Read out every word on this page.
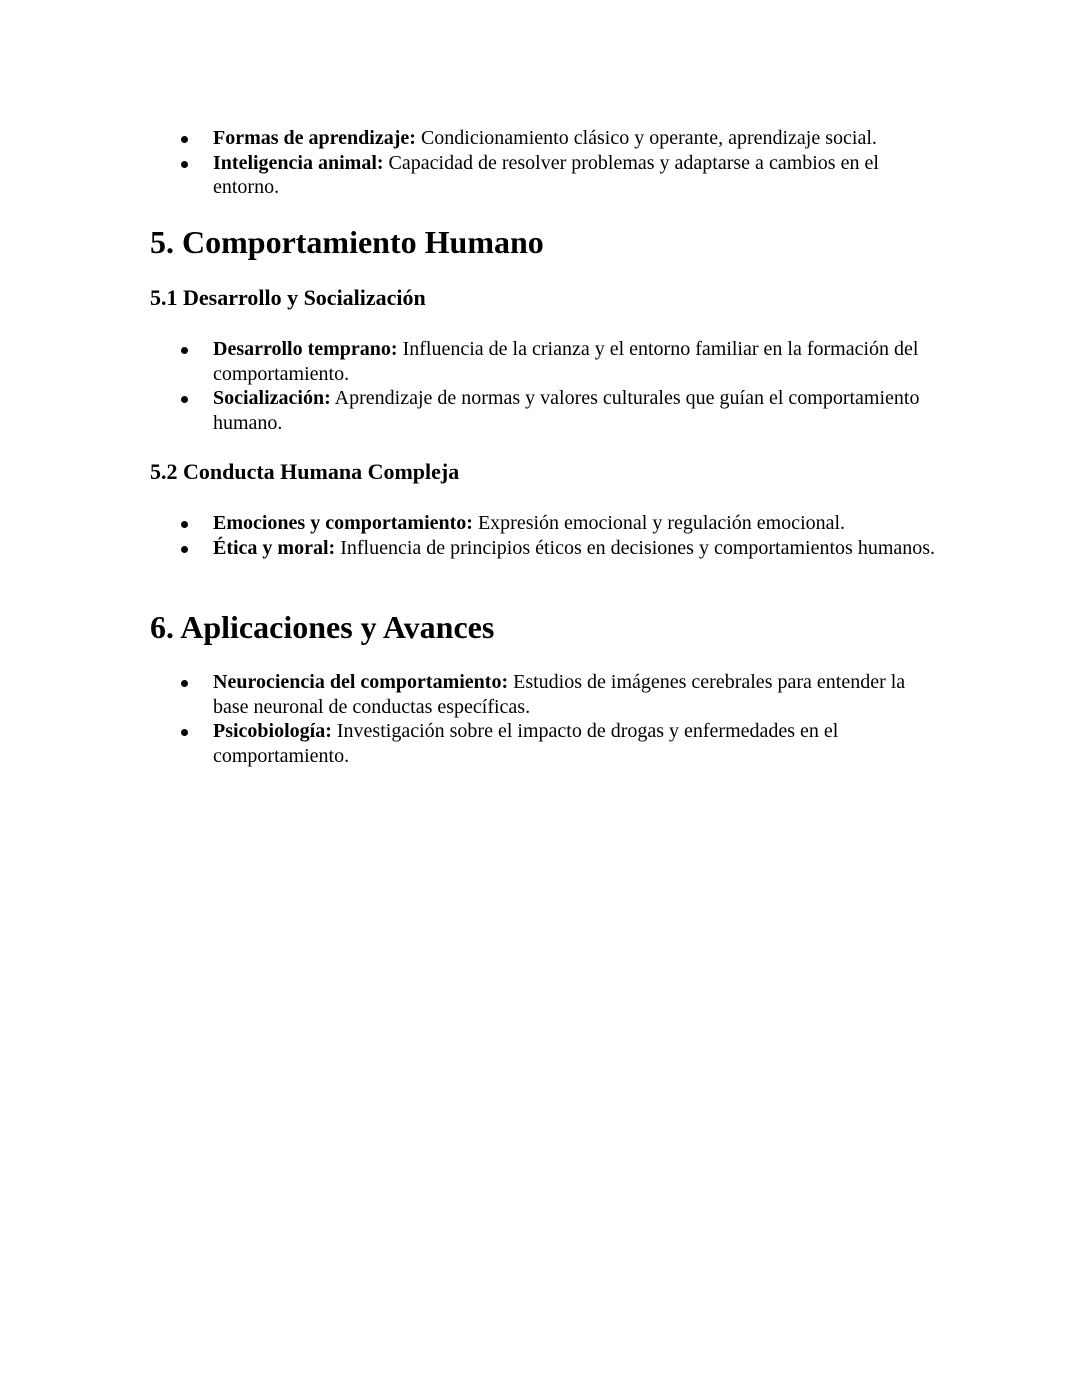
Formas de aprendizaje: Condicionamiento clásico y operante, aprendizaje social.
Inteligencia animal: Capacidad de resolver problemas y adaptarse a cambios en el entorno.
5. Comportamiento Humano
5.1 Desarrollo y Socialización
Desarrollo temprano: Influencia de la crianza y el entorno familiar en la formación del comportamiento.
Socialización: Aprendizaje de normas y valores culturales que guían el comportamiento humano.
5.2 Conducta Humana Compleja
Emociones y comportamiento: Expresión emocional y regulación emocional.
Ética y moral: Influencia de principios éticos en decisiones y comportamientos humanos.
6. Aplicaciones y Avances
Neurociencia del comportamiento: Estudios de imágenes cerebrales para entender la base neuronal de conductas específicas.
Psicobiología: Investigación sobre el impacto de drogas y enfermedades en el comportamiento.
